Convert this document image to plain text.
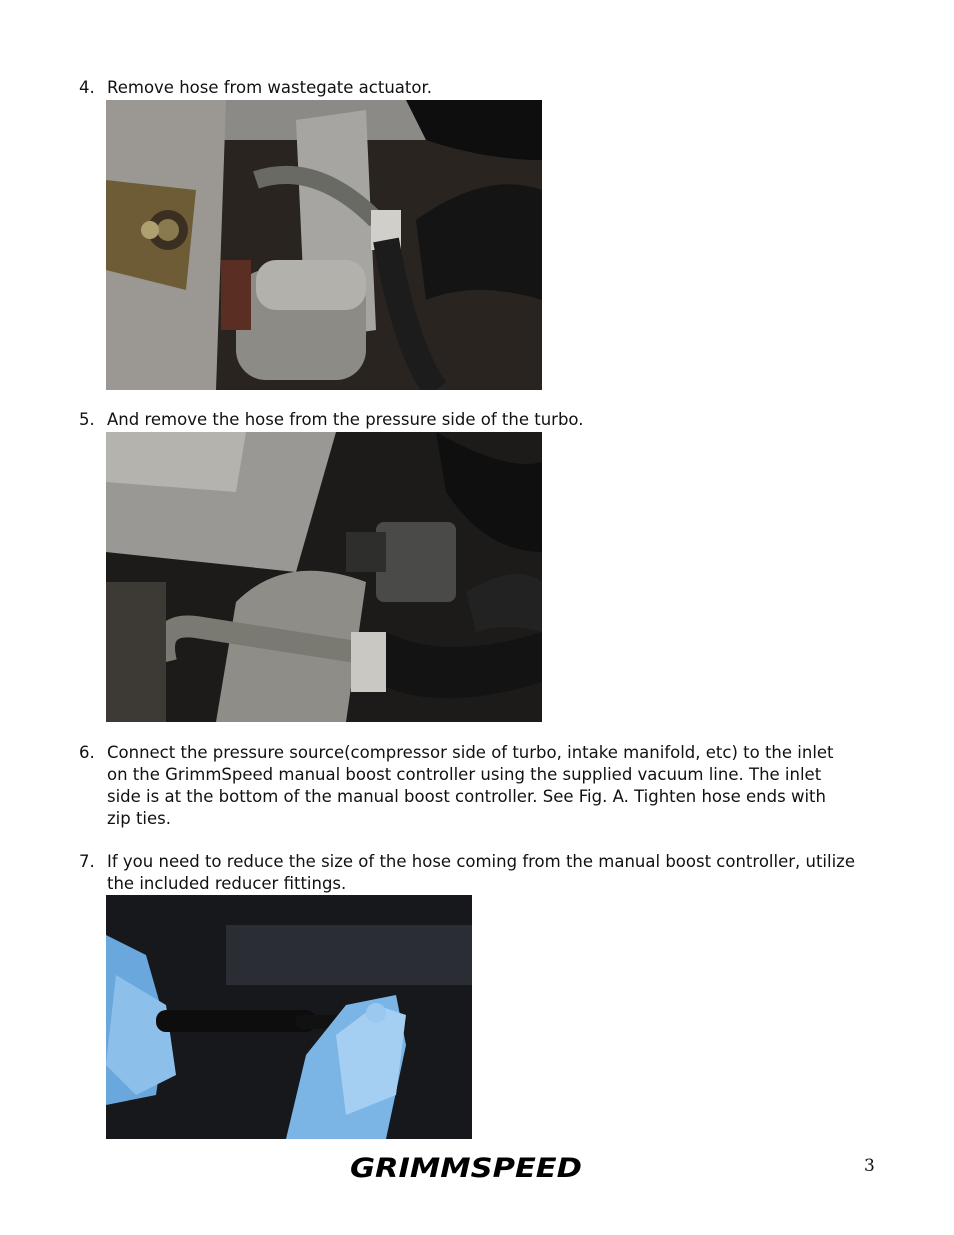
4. Remove hose from wastegate actuator.
5. And remove the hose from the pressure side of the turbo.
6. Connect the pressure source(compressor side of turbo, intake manifold, etc) to the inlet
on the GrimmSpeed manual boost controller using the supplied vacuum line. The inlet
side is at the bottom of the manual boost controller. See Fig. A. Tighten hose ends with
zip ties.
7. If you need to reduce the size of the hose coming from the manual boost controller, utilize
the included reducer fittings.
GRIMMSPEED	3
